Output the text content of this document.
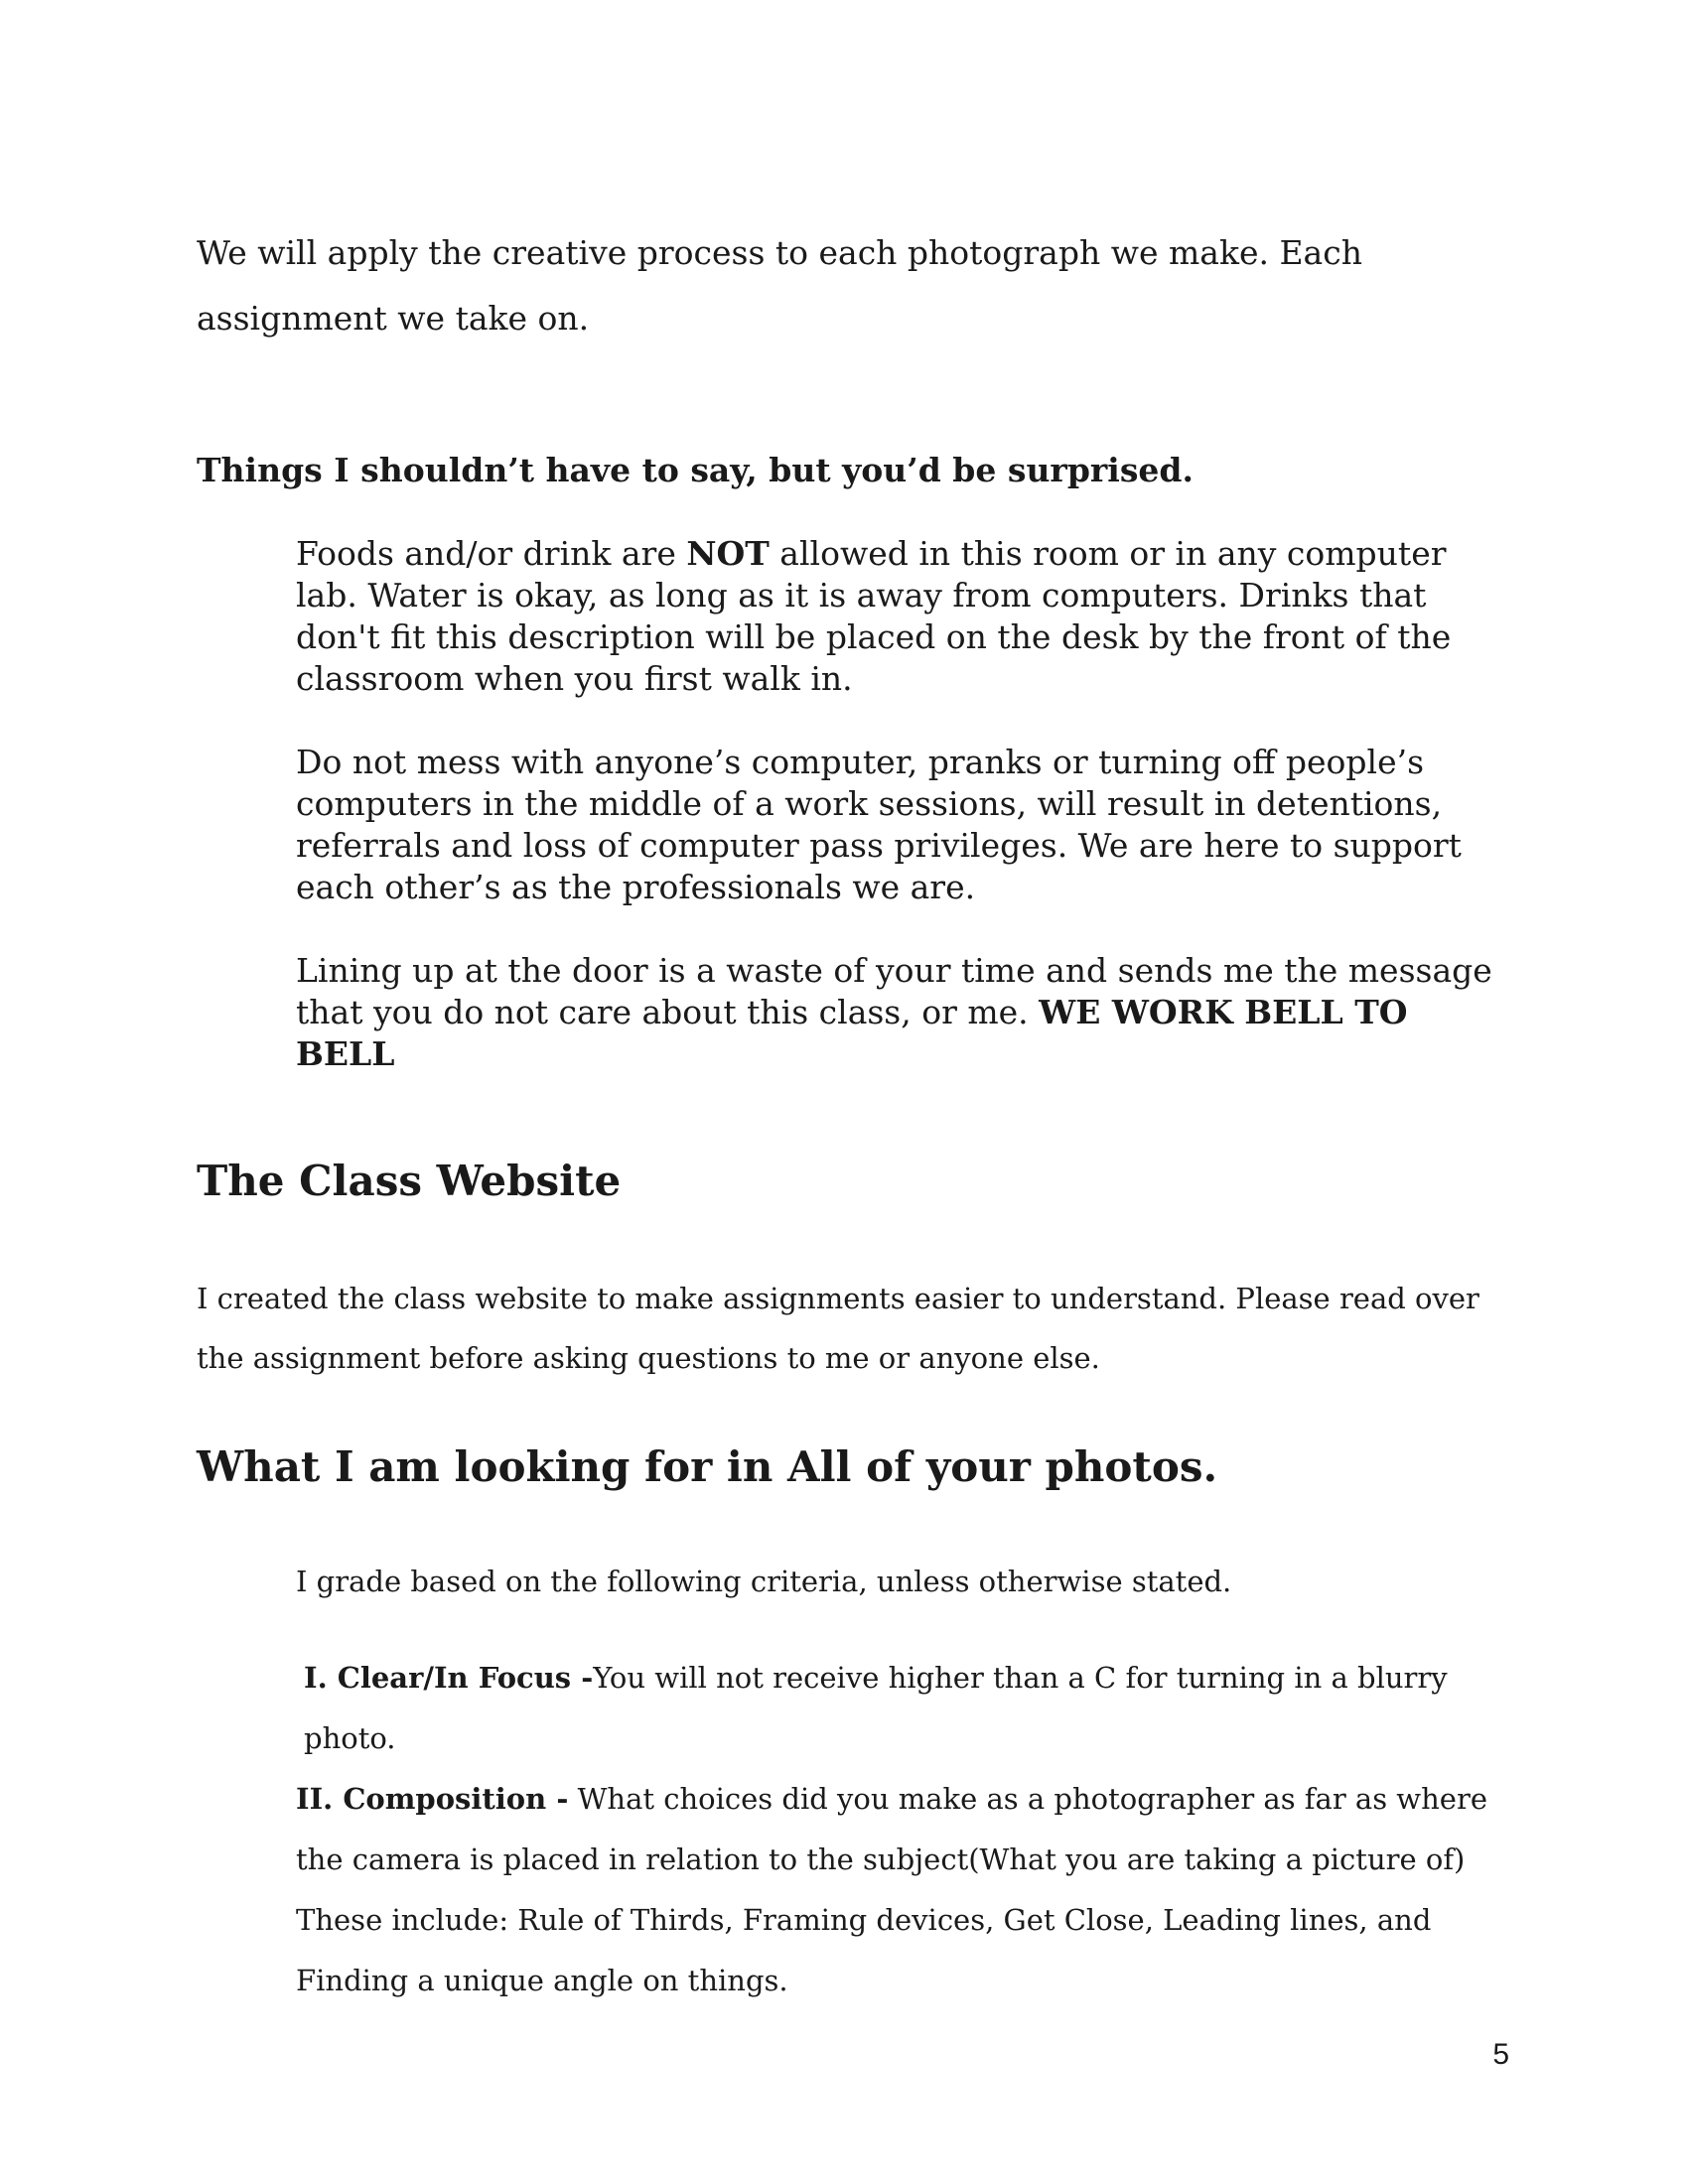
We will apply the creative process to each photograph we make. Each assignment we take on.
Things I shouldn’t have to say, but you’d be surprised.

Foods and/or drink are NOT allowed in this room or in any computer lab. Water is okay, as long as it is away from computers. Drinks that don't fit this description will be placed on the desk by the front of the classroom when you first walk in.

Do not mess with anyone’s computer, pranks or turning off people’s computers in the middle of a work sessions, will result in detentions, referrals and loss of computer pass privileges. We are here to support each other’s as the professionals we are.

Lining up at the door is a waste of your time and sends me the message that you do not care about this class, or me. WE WORK BELL TO BELL

The Class Website
I created the class website to make assignments easier to understand. Please read over the assignment before asking questions to me or anyone else.
What I am looking for in All of your photos.
I grade based on the following criteria, unless otherwise stated.
I. Clear/In Focus -You will not receive higher than a C for turning in a blurry photo.
II. Composition - What choices did you make as a photographer as far as where the camera is placed in relation to the subject(What you are taking a picture of) These include: Rule of Thirds, Framing devices, Get Close, Leading lines, and Finding a unique angle on things.
5
